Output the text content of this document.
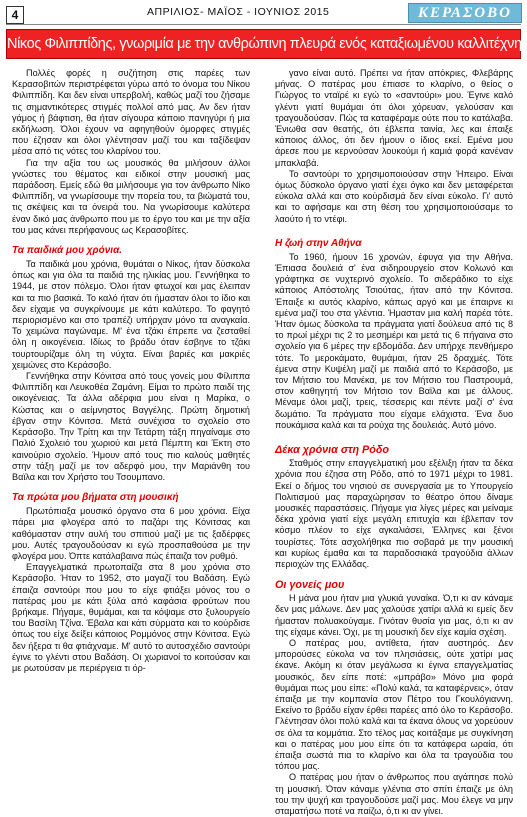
4	ΑΠΡΙΛΙΟΣ- ΜΑΪΟΣ - ΙΟΥΝΙΟΣ 2015	ΚΕΡΑΣΟΒΟ
Νίκος Φιλιππίδης, γνωριμία με την ανθρώπινη πλευρά ενός καταξιωμένου καλλιτέχνη

Πολλές φορές η συζήτηση στις παρέες των Κερασοβιτών περιστρέφεται γύρω από το όνομα του Νίκου Φιλιππίδη. Και δεν είναι υπερβολή, καθώς μαζί του ζήσαμε τις σημαντικότερες στιγμές πολλοί από μας. Αν δεν ήταν γάμος ή βάφτιση, θα ήταν σίγουρα κάποιο πανηγύρι ή μια εκδήλωση. Όλοι έχουν να αφηγηθούν όμορφες στιγμές που έζησαν και όλοι γλέντησαν μαζί του και ταξίδεψαν μέσα από τις νότες του κλαρίνου του.

Για την αξία του ως μουσικός θα μιλήσουν άλλοι γνώστες του θέματος και ειδικοί στην μουσική μας παράδοση. Εμείς εδώ θα μιλήσουμε για τον άνθρωπο Νίκο Φιλιππίδη, να γνωρίσουμε την πορεία του, τα βιώματά του, τις σκέψεις και τα όνειρά του. Να γνωρίσουμε καλύτερα έναν δικό μας άνθρωπο που με το έργο του και με την αξία του μας κάνει περήφανους ως Κερασοβίτες.

Τα παιδικά μου χρόνια.

Τα παιδικά μου χρόνια, θυμάται ο Νίκος, ήταν δύσκολα όπως και για όλα τα παιδιά της ηλικίας μου. Γεννήθηκα το 1944, με στον πόλεμο. Όλοι ήταν φτωχοί και μας έλειπαν και τα πιο βασικά. Το καλό ήταν ότι ήμασταν όλοι το ίδιο και δεν είχαμε να συγκρίνουμε με κάτι καλύτερο. Το φαγητό περιορισμένο και στο τραπέζι υπήρχαν μόνο τα αναγκαία. Το χειμώνα παγώναμε. Μ' ένα τζάκι έπρεπε να ζεσταθεί όλη η οικογένεια. Ιδίως το βράδυ όταν έσβηνε το τζάκι τουρτουρίζαμε όλη τη νύχτα. Είναι βαριές και μακριές χειμώνες στο Κεράσοβο.

Γεννήθηκα στην Κόνιτσα από τους γονείς μου Φίλιππα Φιλιππίδη και Λευκοθέα Ζαμάνη. Είμαι το πρώτο παιδί της οικογένειας. Τα άλλα αδέρφια μου είναι η Μαρίκα, ο Κώστας και ο αείμνηστος Βαγγέλης. Πρώτη δημοτική έβγαν στην Κόνιτσα. Μετά συνέχισα το σχολείο στο Κεράσοβο. Την Τρίτη και την Τετάρτη τάξη πηγαίναμε στο Παλιό Σχολειό του χωριού και μετά Πέμπτη και Έκτη στο καινούριο σχολείο. Ήμουν από τους πιο καλούς μαθητές στην τάξη μαζί με τον αδερφό μου, την Μαριάνθη του Βαϊλα και τον Χρήστο του Τσουμπανο.

Τα πρώτα μου βήματα στη μουσική

Πρωτόπιαξα μουσικό όργανο στα 6 μου χρόνια. Είχα πάρει μια φλογέρα από το παζάρι της Κόνιτσας και καθόμασταν στην αυλή του σπιτιού μαζί με τις ξαδέρφες μου. Αυτές τραγουδούσαν κι εγώ προσπαθούσα με την φλογέρα μου. Όπτε κατάλαβαινα πώς έπαιζα τον ρυθμό.

Επαγγελματικά πρωτοπαίζα στα 8 μου χρόνια στο Κεράσοβο. Ήταν το 1952, στο μαγαζί του Βαδάση. Εγώ έπαιζα σαντούρι που μου το είχε φτιάξει μόνος του ο πατέρας μου με κάτι ξύλα από καφάσια φρούτων που βρήκαμε. Πήγαμε, θυμάμαι, και τα κόψαμε στο ξυλουργείο του Βασίλη Τζίνα. Έβαλα και κάτι σύρματα και το κούρδισε όπως του είχε δείξει κάποιος Ρομμόνος στην Κόνιτσα. Εγώ δεν ήξερα τι θα φτιάχναμε. Μ' αυτό το αυτοσχέδιο σαντούρι έγινε το γλέντι στου Βαδάση. Οι χωριανοί το κοιτούσαν και με ρωτούσαν με περιέργεια τι όρ-

γανο είναι αυτό. Πρέπει να ήταν απόκριες, Φλεβάρης μήνας. Ο πατέρας μου έπιασε το κλαρίνο, ο θείος ο Γιώργος το νταϊρέ κι εγώ το «σαντούρι» μου. Έγινε καλό γλέντι γιατί θυμάμαι ότι όλοι χόρευαν, γελούσαν και τραγουδούσαν. Πώς τα καταφέραμε ούτε που το κατάλαβα. Ένιωθα σαν θεατής, ότι έβλεπα ταινία, λες και έπαιξε κάποιος άλλος, ότι δεν ήμουν ο ίδιος εκεί. Εμένα μου άρεσε που με κερνούσαν λουκούμι ή καμιά φορά κανέναν μπακλαβά.

Το σαντούρι το χρησιμοποιούσαν στην Ήπειρο. Είναι όμως δύσκολο όργανο γιατί έχει όγκο και δεν μεταφέρεται εύκολα αλλά και στο κούρδισμά δεν είναι εύκολο. Γι' αυτό και το αφήσαμε και στη θέση του χρησιμοποιούσαμε το λαούτο ή το ντέφι.

Η ζωή στην Αθήνα

Το 1960, ήμουν 16 χρονών, έφυγα για την Αθήνα. Έπιασα δουλειά σ' ένα σιδηρουργείο στον Κολωνό και γράφτηκα σε νυχτερινό σχολείο. Το σιδεράδικο το είχε κάποιος Απόστολης Τσιούτας, ήταν από την Κόνιτσα. Έπαιξε κι αυτός κλαρίνο, κάπως αργό και με έπαιρνε κι εμένα μαζί του στα γλέντια. Ήμασταν μια καλή παρέα τότε. Ήταν όμως δύσκολα τα πράγματα γιατί δούλευα από τις 8 το πρωί μέχρι τις 2 το μεσημέρι και μετά τις 6 πήγαινα στο σχολείο για 6 μέρες την εβδομάδα. Δεν υπήρχε πενθήμερο τότε. Το μεροκάματο, θυμάμαι, ήταν 25 δραχμές. Τότε έμενα στην Κυψέλη μαζί με παιδιά από το Κεράσοβο, με τον Μήτσιο του Μανέκα, με τον Μήτσιο του Παστρουμά, στον καθηγητή τον Μήτσιο τον Βαϊλα και με άλλους. Μέναμε όλοι μαζί, τρεις, τέσσερις και πέντε μαζί σ' ένα δωμάτιο. Τα πράγματα που είχαμε ελάχιστα. Ένα δυο πουκάμισα καλά και τα ρούχα της δουλειάς. Αυτό μόνο.

Δέκα χρόνια στη Ρόδο

Σταθμός στην επαγγελματική μου εξέλιξη ήταν τα δέκα χρόνια που έζησα στη Ρόδο, από το 1971 μέχρι το 1981. Εκεί ο δήμος του νησιού σε συνεργασία με το Υπουργείο Πολιτισμού μας παραχώρησαν το θέατρο όπου δίναμε μουσικές παραστάσεις. Πήγαμε για λίγες μέρες και μείναμε δέκα χρόνια γιατί είχε μεγάλη επιτυχία και έβλεπαν τον κόσμο πλέον το είχε αγκαλιάσει, Έλληνες και ξένοι τουρίστες. Τότε ασχολήθηκα πιο σοβαρά με την μουσική και κυρίως έμαθα και τα παραδοσιακά τραγούδια άλλων περιοχών της Ελλάδας.

Οι γονείς μου

Η μάνα μου ήταν μια γλυκιά γυναίκα. Ό,τι κι αν κάναμε δεν μας μάλωνε. Δεν μας χαλούσε χατίρι αλλά κι εμείς δεν ήμασταν πολυακούγαμε. Γινόταν θυσία για μας, ό,τι κι αν της είχαμε κάνει. Όχι, με τη μουσική δεν είχε καμία σχέση.

Ο πατέρας μου, αντίθετα, ήταν αυστηρός. Δεν μπορούσες εύκολα να τον πλησιάσεις, ούτε χατίρι μας έκανε. Ακόμη κι όταν μεγάλωσα κι έγινα επαγγελματίας μουσικός, δεν είπε ποτέ: «μπράβο» Μόνο μια φορά θυμάμαι πως μου είπε: «Πολύ καλά, τα καταφέρνεις», όταν έπαιξα με την κομπανία στον Πέτρο του Γκουλόγιαννη. Εκείνο το βράδυ είχαν έρθει παρέες από όλο το Κεράσοβο. Γλέντησαν όλοι πολύ καλά και τα έκανα όλους να χορεύουν σε όλα τα κομμάτια. Στο τέλος μας κοιτάξαμε με συγκίνηση και ο πατέρας μου μου είπε ότι τα κατάφερα ωραία, ότι έπαιξα σωστά πια το κλαρίνο και όλα τα τραγούδια του τόπου μας.

Ο πατέρας μου ήταν ο άνθρωπος που αγάπησε πολύ τη μουσική. Όταν κάναμε γλέντια στο σπίτι έπαιζε με όλη του την ψυχή και τραγουδούσε μαζί μας. Μου έλεγε να μην σταματήσω ποτέ να παίζω, ό,τι κι αν γίνει.
